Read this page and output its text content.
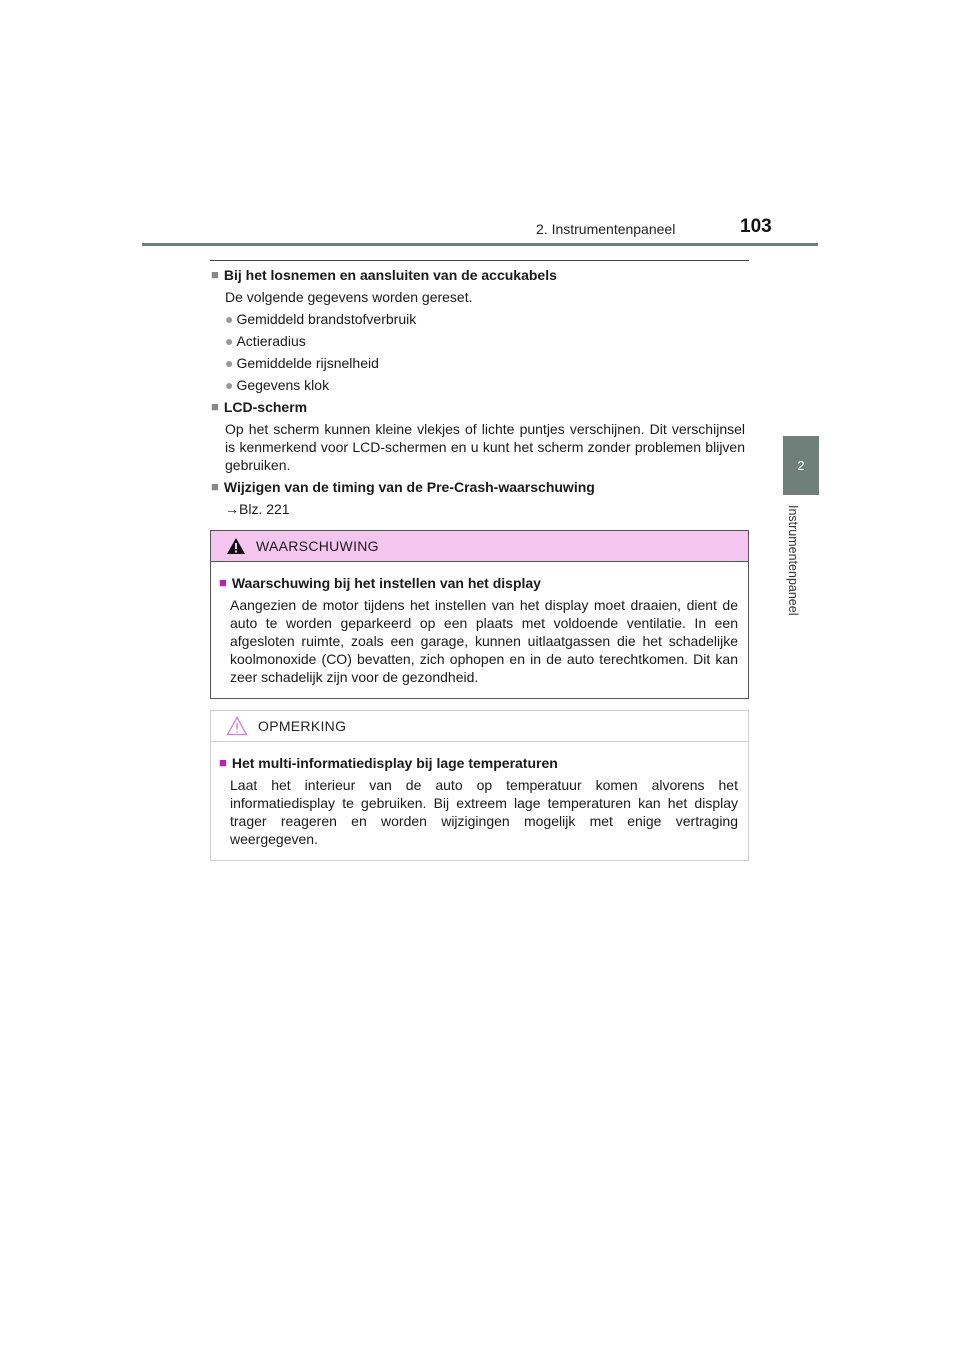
2. Instrumentenpaneel	103
2
Instrumentenpaneel

■ Bij het losnemen en aansluiten van de accukabels

De volgende gegevens worden gereset.

● Gemiddeld brandstofverbruik
● Actieradius
● Gemiddelde rijsnelheid
● Gegevens klok

■ LCD-scherm

Op het scherm kunnen kleine vlekjes of lichte puntjes verschijnen. Dit verschijnsel is kenmerkend voor LCD-schermen en u kunt het scherm zonder problemen blijven gebruiken.

■ Wijzigen van de timing van de Pre-Crash-waarschuwing

→Blz. 221

WAARSCHUWING

■ Waarschuwing bij het instellen van het display

Aangezien de motor tijdens het instellen van het display moet draaien, dient de auto te worden geparkeerd op een plaats met voldoende ventilatie. In een afgesloten ruimte, zoals een garage, kunnen uitlaatgassen die het schadelijke koolmonoxide (CO) bevatten, zich ophopen en in de auto terechtkomen. Dit kan zeer schadelijk zijn voor de gezondheid.

OPMERKING

■ Het multi-informatiedisplay bij lage temperaturen

Laat het interieur van de auto op temperatuur komen alvorens het informatiedisplay te gebruiken. Bij extreem lage temperaturen kan het display trager reageren en worden wijzigingen mogelijk met enige vertraging weergegeven.
